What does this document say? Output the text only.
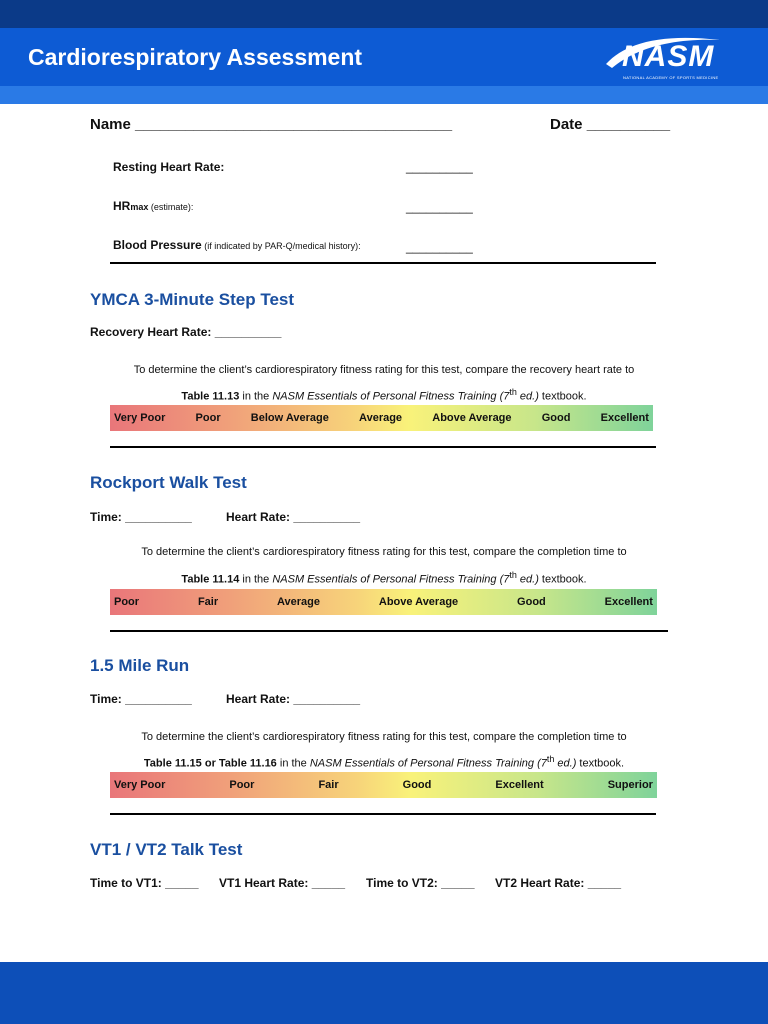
Cardiorespiratory Assessment	NASM
NATIONAL ACADEMY OF SPORTS MEDICINE
Name ______________________________________	Date __________
Resting Heart Rate:	__________
HRmax (estimate):	__________
Blood Pressure (if indicated by PAR-Q/medical history):	__________
YMCA 3-Minute Step Test
Recovery Heart Rate: __________
To determine the client’s cardiorespiratory fitness rating for this test, compare the recovery heart rate to
Table 11.13 in the NASM Essentials of Personal Fitness Training (7th ed.) textbook.
Very Poor	Poor	Below Average	Average	Above Average	Good	Excellent
Rockport Walk Test
Time: __________	Heart Rate: __________
To determine the client’s cardiorespiratory fitness rating for this test, compare the completion time to
Table 11.14 in the NASM Essentials of Personal Fitness Training (7th ed.) textbook.
Poor	Fair	Average	Above Average	Good	Excellent
1.5 Mile Run
Time: __________	Heart Rate: __________
To determine the client’s cardiorespiratory fitness rating for this test, compare the completion time to
Table 11.15 or Table 11.16 in the NASM Essentials of Personal Fitness Training (7th ed.) textbook.
Very Poor	Poor	Fair	Good	Excellent	Superior
VT1 / VT2 Talk Test
Time to VT1: _____ VT1 Heart Rate: _____ Time to VT2: _____ VT2 Heart Rate: _____
